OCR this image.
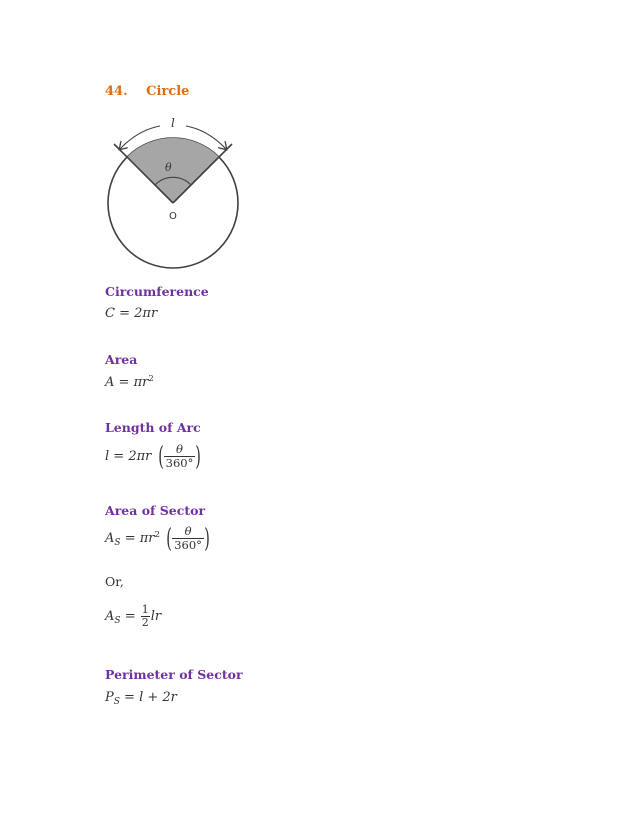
44. Circle
l
θ
O
Circumference
C = 2πr
Area
$A = \pi r^2$
Length of Arc
l = 2πr ( $\frac{\theta}{360^\circ}$ )
Area of Sector
$A_S = \pi r^2$ ( $\frac{\theta}{360^\circ}$ )
Or,
$A_S = \frac{1}{2}$ lr
Perimeter of Sector
$P_S = l + 2r$
